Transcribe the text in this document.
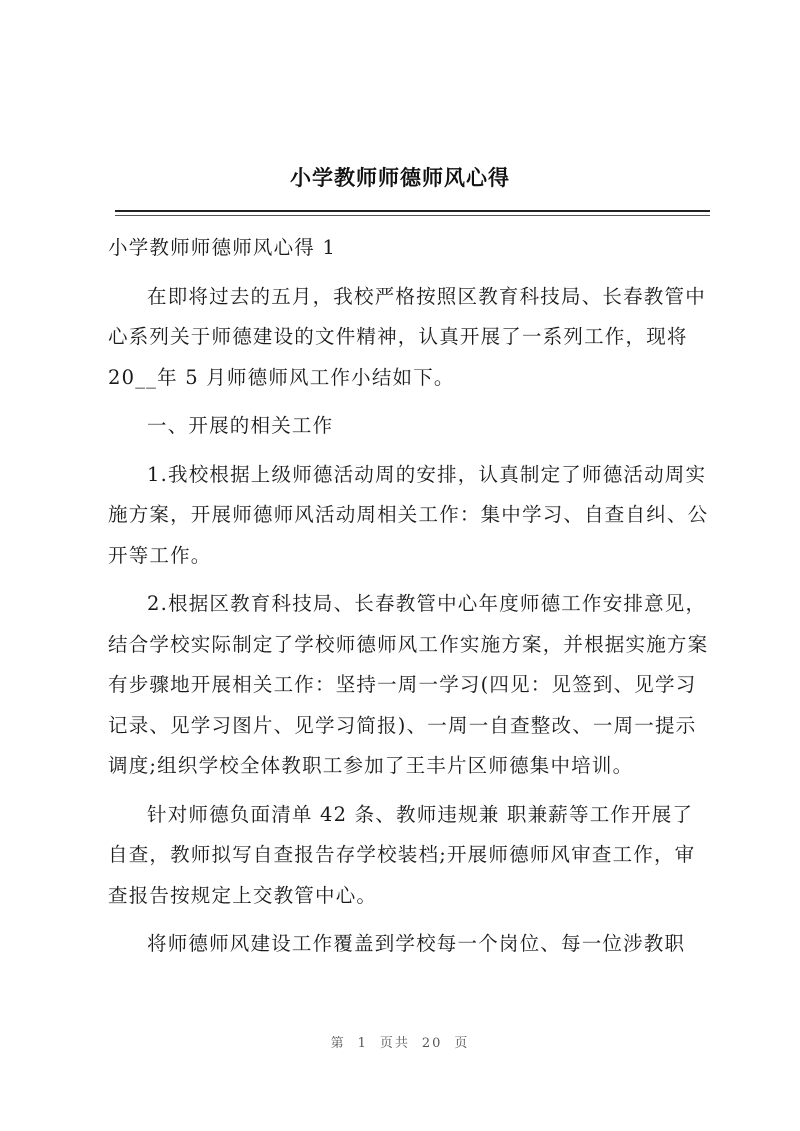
小学教师师德师风心得

小学教师师德师风心得 1

在即将过去的五月，我校严格按照区教育科技局、长春教管中心系列关于师德建设的文件精神，认真开展了一系列工作，现将 20__年 5 月师德师风工作小结如下。

一、开展的相关工作

1.我校根据上级师德活动周的安排，认真制定了师德活动周实施方案，开展师德师风活动周相关工作：集中学习、自查自纠、公开等工作。

2.根据区教育科技局、长春教管中心年度师德工作安排意见，结合学校实际制定了学校师德师风工作实施方案，并根据实施方案有步骤地开展相关工作：坚持一周一学习(四见：见签到、见学习记录、见学习图片、见学习简报)、一周一自查整改、一周一提示调度;组织学校全体教职工参加了王丰片区师德集中培训。

针对师德负面清单 42 条、教师违规兼 职兼薪等工作开展了自查，教师拟写自查报告存学校装档;开展师德师风审查工作，审查报告按规定上交教管中心。

将师德师风建设工作覆盖到学校每一个岗位、每一位涉教职

第 1 页共 20 页
